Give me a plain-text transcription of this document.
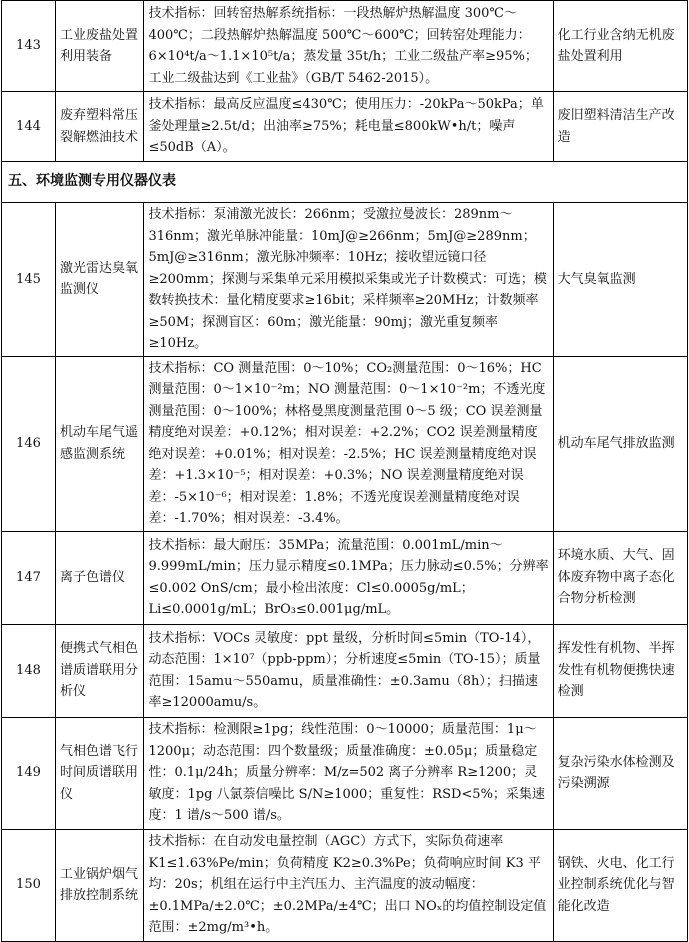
143	工业废盐处置利用装备	技术指标：回转窑热解系统指标：一段热解炉热解温度 300℃～400℃；二段热解炉热解温度 500℃～600℃；回转窑处理能力：6×10⁴t/a～1.1×10⁵t/a；蒸发量 35t/h；工业二级盐产率≥95%；工业二级盐达到《工业盐》（GB/T 5462-2015）。	化工行业含纳无机废盐处置利用
144	废弃塑料常压裂解燃油技术	技术指标：最高反应温度≤430℃；使用压力：-20kPa～50kPa；单釜处理量≥2.5t/d；出油率≥75%；耗电量≤800kW•h/t；噪声≤50dB（A）。	废旧塑料清洁生产改造
五、环境监测专用仪器仪表			
145	激光雷达臭氧监测仪	技术指标：泵浦激光波长：266nm；受激拉曼波长：289nm～316nm；激光单脉冲能量：10mJ@≥266nm；5mJ@≥289nm；5mJ@≥316nm；激光脉冲频率：10Hz；接收望远镜口径≥200mm；探测与采集单元采用模拟采集或光子计数模式：可选；模数转换技术：量化精度要求≥16bit；采样频率≥20MHz；计数频率≥50M；探测盲区：60m；激光能量：90mj；激光重复频率≥10Hz。	大气臭氧监测
146	机动车尾气遥感监测系统	技术指标：CO 测量范围：0～10%；CO₂测量范围：0～16%；HC 测量范围：0～1×10⁻²m；NO 测量范围：0～1×10⁻²m；不透光度测量范围：0～100%；林格曼黑度测量范围 0～5 级；CO 误差测量精度绝对误差：+0.12%；相对误差：+2.2%；CO2 误差测量精度绝对误差：+0.01%；相对误差：-2.5%；HC 误差测量精度绝对误差：+1.3×10⁻⁵；相对误差：+0.3%；NO 误差测量精度绝对误差：-5×10⁻⁶；相对误差：1.8%；不透光度误差测量精度绝对误差：-1.70%；相对误差：-3.4%。	机动车尾气排放监测
147	离子色谱仪	技术指标：最大耐压：35MPa；流量范围：0.001mL/min～9.999mL/min；压力显示精度≤0.1MPa；压力脉动≤0.5%；分辨率≤0.002 OnS/cm；最小检出浓度：Cl≤0.0005g/mL；Li≤0.0001g/mL；BrO₃≤0.001μg/mL。	环境水质、大气、固体废弃物中离子态化合物分析检测
148	便携式气相色谱质谱联用分析仪	技术指标：VOCs 灵敏度：ppt 量级，分析时间≤5min（TO-14），动态范围：1×10⁷（ppb-ppm）；分析速度≤5min（TO-15）；质量范围：15amu～550amu，质量准确性：±0.3amu（8h）；扫描速率≥12000amu/s。	挥发性有机物、半挥发性有机物便携快速检测
149	气相色谱飞行时间质谱联用仪	技术指标：检测限≥1pg；线性范围：0～10000；质量范围：1μ～1200μ；动态范围：四个数量级；质量准确度：±0.05μ；质量稳定性：0.1μ/24h；质量分辨率：M/z=502 离子分辨率 R≥1200；灵敏度：1pg 八氯萘信噪比 S/N≥1000；重复性：RSD<5%；采集速度：1 谱/s～500 谱/s。	复杂污染水体检测及污染溯源
150	工业锅炉烟气排放控制系统	技术指标：在自动发电量控制（AGC）方式下，实际负荷速率 K1≤1.63%Pe/min；负荷精度 K2≥0.3%Pe；负荷响应时间 K3 平均：20s；机组在运行中主汽压力、主汽温度的波动幅度：±0.1MPa/±2.0℃；±0.2MPa/±4℃；出口 NOₓ的均值控制设定值范围：±2mg/m³•h。	钢铁、火电、化工行业控制系统优化与智能化改造
